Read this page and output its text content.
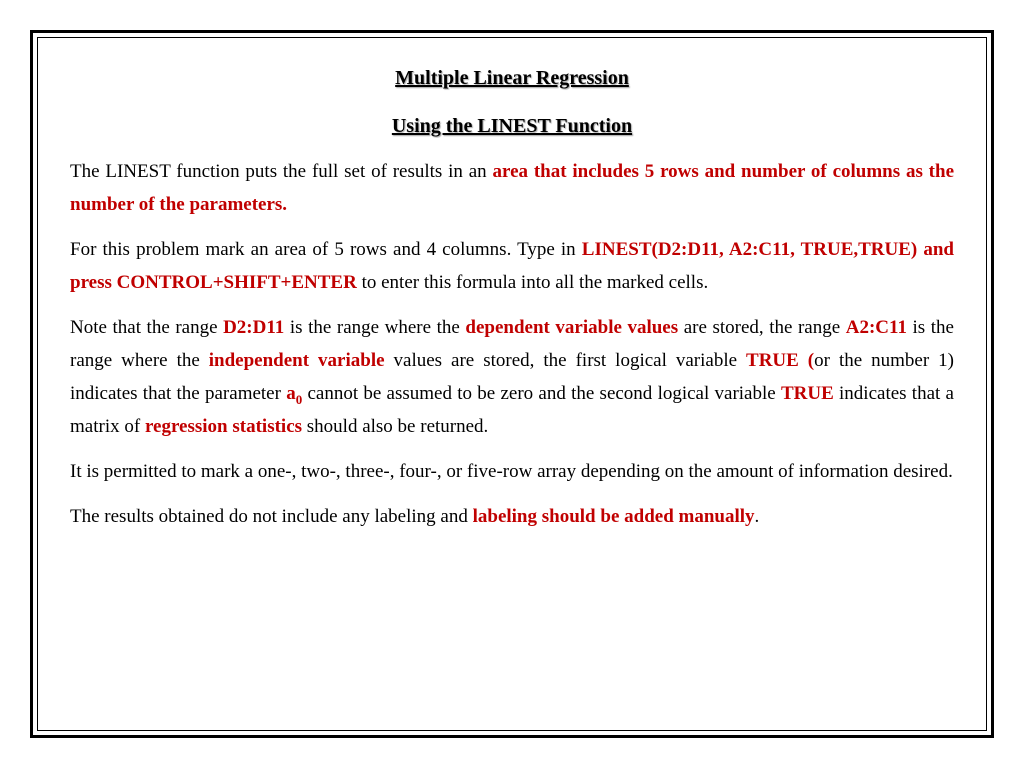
Multiple Linear Regression

Using the LINEST Function

The LINEST function puts the full set of results in an area that includes 5 rows and number of columns as the number of the parameters.

For this problem mark an area of 5 rows and 4 columns. Type in LINEST(D2:D11, A2:C11, TRUE,TRUE) and press CONTROL+SHIFT+ENTER to enter this formula into all the marked cells.

Note that the range D2:D11 is the range where the dependent variable values are stored, the range A2:C11 is the range where the independent variable values are stored, the first logical variable TRUE (or the number 1) indicates that the parameter $a_0$ cannot be assumed to be zero and the second logical variable TRUE indicates that a matrix of regression statistics should also be returned.

It is permitted to mark a one-, two-, three-, four-, or five-row array depending on the amount of information desired.

The results obtained do not include any labeling and labeling should be added manually.
